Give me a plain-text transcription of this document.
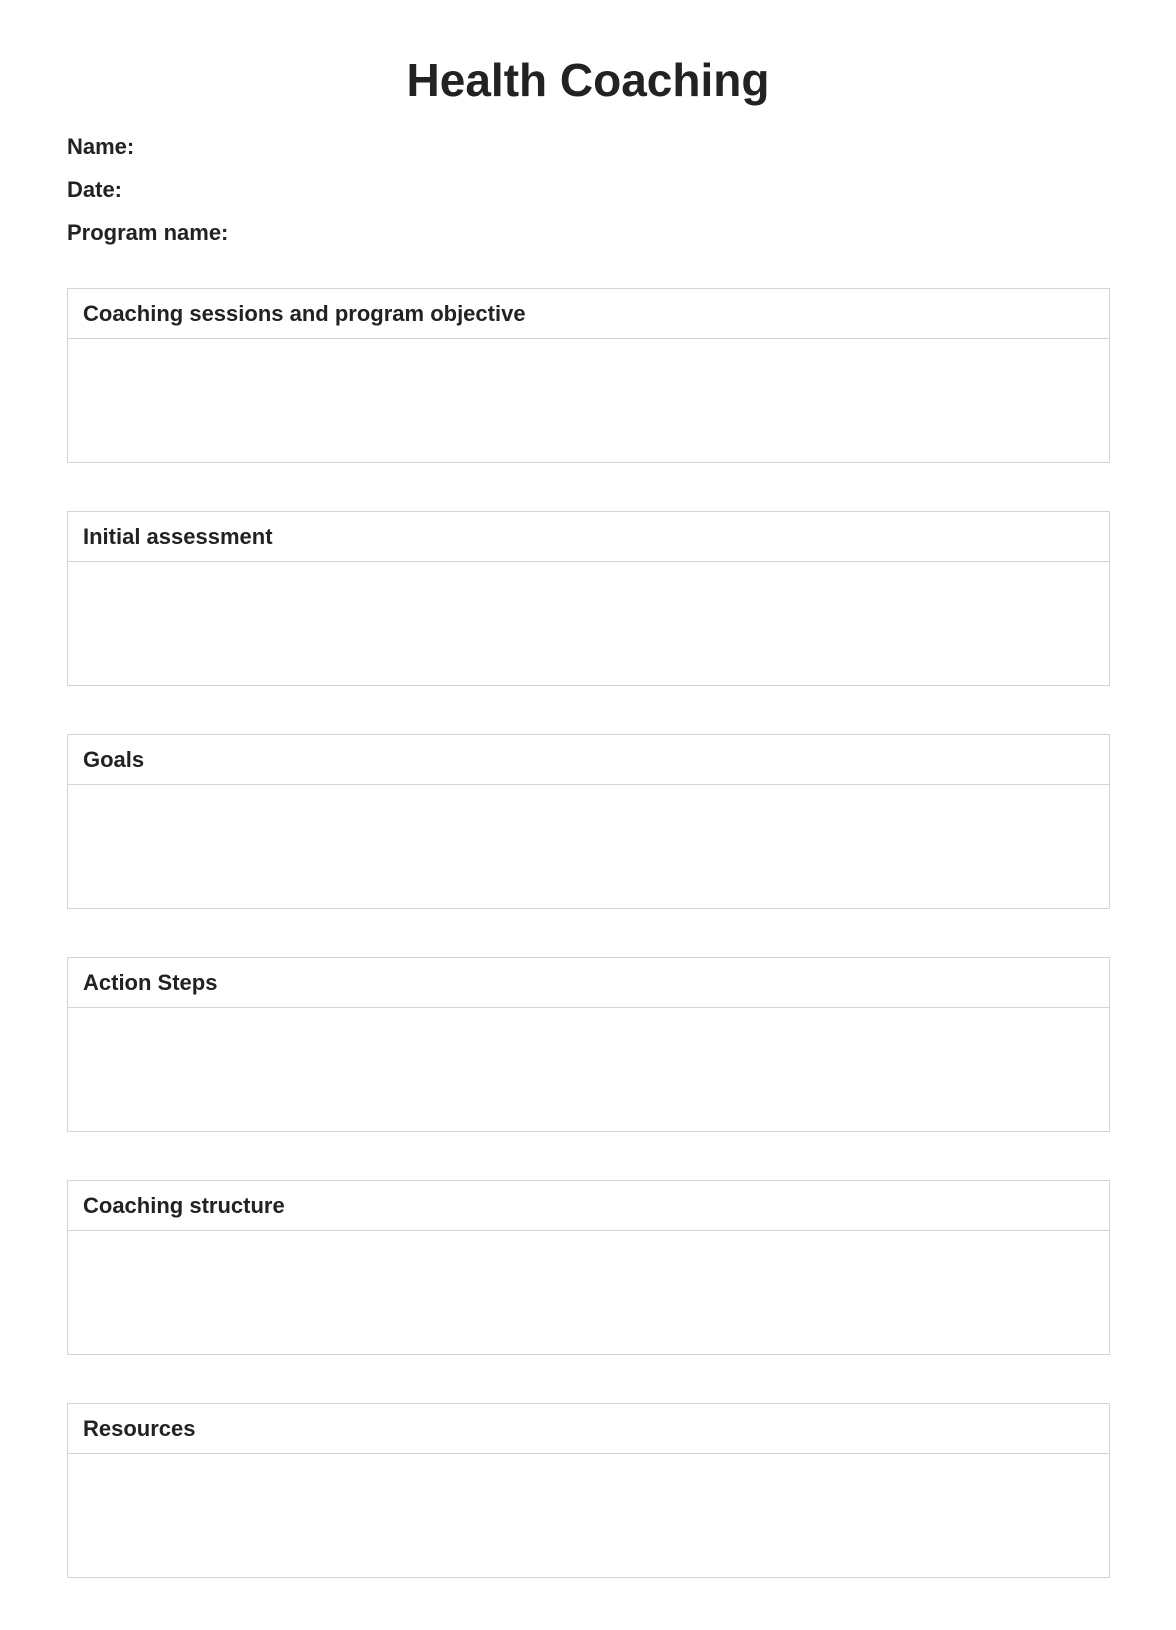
Health Coaching
Name:
Date:
Program name:
Coaching sessions and program objective
Initial assessment
Goals
Action Steps
Coaching structure
Resources
